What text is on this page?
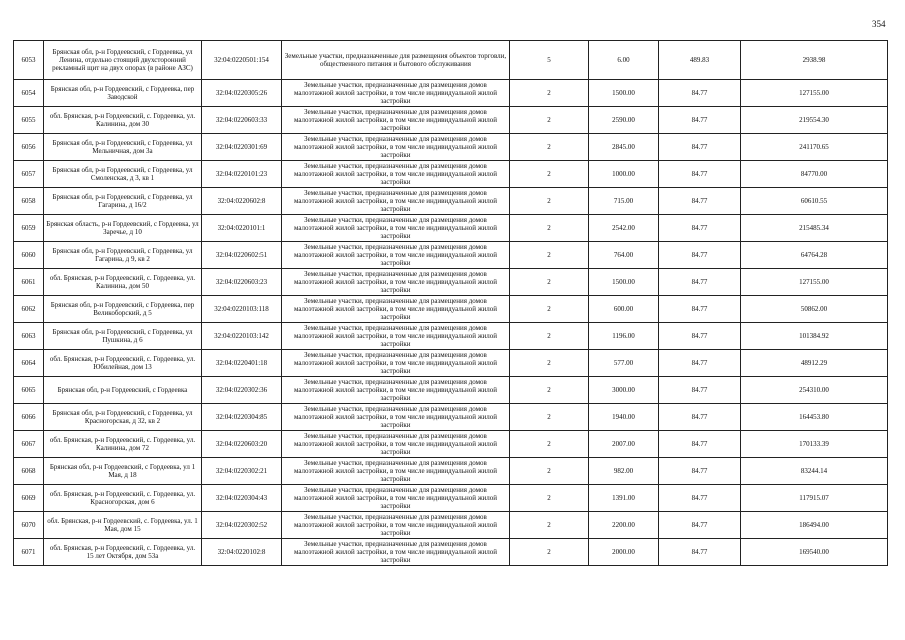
354
6053	Брянская обл, р-н Гордеевский, с Гордеевка, ул Ленина, отдельно стоящий двухсторонний рекламный щит на двух опорах (в районе АЗС)	32:04:0220501:154	Земельные участки, предназначенные для размещения объектов торговли, общественного питания и бытового обслуживания	5	6.00	489.83	2938.98
6054	Брянская обл, р-н Гордеевский, с Гордеевка, пер Заводской	32:04:0220305:26	Земельные участки, предназначенные для размещения домов малоэтажной жилой застройки, в том числе индивидуальной жилой застройки	2	1500.00	84.77	127155.00
6055	обл. Брянская, р-н Гордеевский, с. Гордеевка, ул. Калинина, дом 30	32:04:0220603:33	Земельные участки, предназначенные для размещения домов малоэтажной жилой застройки, в том числе индивидуальной жилой застройки	2	2590.00	84.77	219554.30
6056	Брянская обл, р-н Гордеевский, с Гордеевка, ул Мельничная, дом 3а	32:04:0220301:69	Земельные участки, предназначенные для размещения домов малоэтажной жилой застройки, в том числе индивидуальной жилой застройки	2	2845.00	84.77	241170.65
6057	Брянская обл, р-н Гордеевский, с Гордеевка, ул Смоленская, д 3, кв 1	32:04:0220101:23	Земельные участки, предназначенные для размещения домов малоэтажной жилой застройки, в том числе индивидуальной жилой застройки	2	1000.00	84.77	84770.00
6058	Брянская обл, р-н Гордеевский, с Гордеевка, ул Гагарина, д 16/2	32:04:0220602:8	Земельные участки, предназначенные для размещения домов малоэтажной жилой застройки, в том числе индивидуальной жилой застройки	2	715.00	84.77	60610.55
6059	Брянская область, р-н Гордеевский, с Гордеевка, ул Заречье, д 10	32:04:0220101:1	Земельные участки, предназначенные для размещения домов малоэтажной жилой застройки, в том числе индивидуальной жилой застройки	2	2542.00	84.77	215485.34
6060	Брянская обл, р-н Гордеевский, с Гордеевка, ул Гагарина, д 9, кв 2	32:04:0220602:51	Земельные участки, предназначенные для размещения домов малоэтажной жилой застройки, в том числе индивидуальной жилой застройки	2	764.00	84.77	64764.28
6061	обл. Брянская, р-н Гордеевский, с. Гордеевка, ул. Калинина, дом 50	32:04:0220603:23	Земельные участки, предназначенные для размещения домов малоэтажной жилой застройки, в том числе индивидуальной жилой застройки	2	1500.00	84.77	127155.00
6062	Брянская обл, р-н Гордеевский, с Гордеевка, пер Великоборский, д 5	32:04:0220103:118	Земельные участки, предназначенные для размещения домов малоэтажной жилой застройки, в том числе индивидуальной жилой застройки	2	600.00	84.77	50862.00
6063	Брянская обл, р-н Гордеевский, с Гордеевка, ул Пушкина, д 6	32:04:0220103:142	Земельные участки, предназначенные для размещения домов малоэтажной жилой застройки, в том числе индивидуальной жилой застройки	2	1196.00	84.77	101384.92
6064	обл. Брянская, р-н Гордеевский, с. Гордеевка, ул. Юбилейная, дом 13	32:04:0220401:18	Земельные участки, предназначенные для размещения домов малоэтажной жилой застройки, в том числе индивидуальной жилой застройки	2	577.00	84.77	48912.29
6065	Брянская обл, р-н Гордеевский, с Гордеевка	32:04:0220302:36	Земельные участки, предназначенные для размещения домов малоэтажной жилой застройки, в том числе индивидуальной жилой застройки	2	3000.00	84.77	254310.00
6066	Брянская обл, р-н Гордеевский, с Гордеевка, ул Красногорская, д 32, кв 2	32:04:0220304:85	Земельные участки, предназначенные для размещения домов малоэтажной жилой застройки, в том числе индивидуальной жилой застройки	2	1940.00	84.77	164453.80
6067	обл. Брянская, р-н Гордеевский, с. Гордеевка, ул. Калинина, дом 72	32:04:0220603:20	Земельные участки, предназначенные для размещения домов малоэтажной жилой застройки, в том числе индивидуальной жилой застройки	2	2007.00	84.77	170133.39
6068	Брянская обл, р-н Гордеевский, с Гордеевка, ул 1 Мая, д 18	32:04:0220302:21	Земельные участки, предназначенные для размещения домов малоэтажной жилой застройки, в том числе индивидуальной жилой застройки	2	982.00	84.77	83244.14
6069	обл. Брянская, р-н Гордеевский, с. Гордеевка, ул. Красногорская, дом 6	32:04:0220304:43	Земельные участки, предназначенные для размещения домов малоэтажной жилой застройки, в том числе индивидуальной жилой застройки	2	1391.00	84.77	117915.07
6070	обл. Брянская, р-н Гордеевский, с. Гордеевка, ул. 1 Мая, дом 15	32:04:0220302:52	Земельные участки, предназначенные для размещения домов малоэтажной жилой застройки, в том числе индивидуальной жилой застройки	2	2200.00	84.77	186494.00
6071	обл. Брянская, р-н Гордеевский, с. Гордеевка, ул. 15 лет Октября, дом 53а	32:04:0220102:8	Земельные участки, предназначенные для размещения домов малоэтажной жилой застройки, в том числе индивидуальной жилой застройки	2	2000.00	84.77	169540.00
